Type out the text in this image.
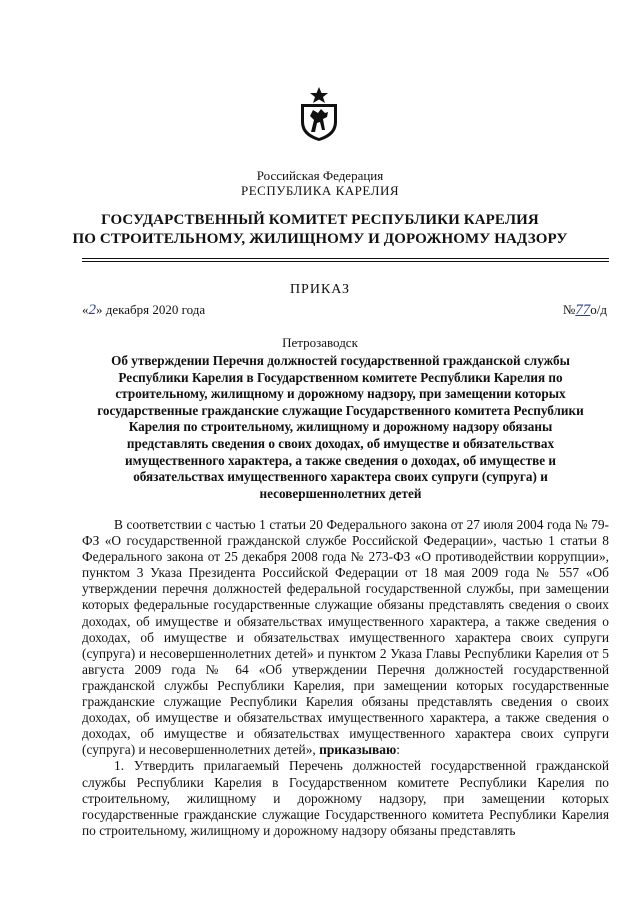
Российская Федерация
РЕСПУБЛИКА КАРЕЛИЯ
ГОСУДАРСТВЕННЫЙ КОМИТЕТ РЕСПУБЛИКИ КАРЕЛИЯ
ПО СТРОИТЕЛЬНОМУ, ЖИЛИЩНОМУ И ДОРОЖНОМУ НАДЗОРУ
ПРИКАЗ
«2» декабря 2020 года	№77о/д
Петрозаводск
Об утверждении Перечня должностей государственной гражданской службы Республики Карелия в Государственном комитете Республики Карелия по строительному, жилищному и дорожному надзору, при замещении которых государственные гражданские служащие Государственного комитета Республики Карелия по строительному, жилищному и дорожному надзору обязаны представлять сведения о своих доходах, об имуществе и обязательствах имущественного характера, а также сведения о доходах, об имуществе и обязательствах имущественного характера своих супруги (супруга) и несовершеннолетних детей

В соответствии с частью 1 статьи 20 Федерального закона от 27 июля 2004 года № 79-ФЗ «О государственной гражданской службе Российской Федерации», частью 1 статьи 8 Федерального закона от 25 декабря 2008 года № 273-ФЗ «О противодействии коррупции», пунктом 3 Указа Президента Российской Федерации от 18 мая 2009 года № 557 «Об утверждении перечня должностей федеральной государственной службы, при замещении которых федеральные государственные служащие обязаны представлять сведения о своих доходах, об имуществе и обязательствах имущественного характера, а также сведения о доходах, об имуществе и обязательствах имущественного характера своих супруги (супруга) и несовершеннолетних детей» и пунктом 2 Указа Главы Республики Карелия от 5 августа 2009 года № 64 «Об утверждении Перечня должностей государственной гражданской службы Республики Карелия, при замещении которых государственные гражданские служащие Республики Карелия обязаны представлять сведения о своих доходах, об имуществе и обязательствах имущественного характера, а также сведения о доходах, об имуществе и обязательствах имущественного характера своих супруги (супруга) и несовершеннолетних детей», приказываю:

1. Утвердить прилагаемый Перечень должностей государственной гражданской службы Республики Карелия в Государственном комитете Республики Карелия по строительному, жилищному и дорожному надзору, при замещении которых государственные гражданские служащие Государственного комитета Республики Карелия по строительному, жилищному и дорожному надзору обязаны представлять
